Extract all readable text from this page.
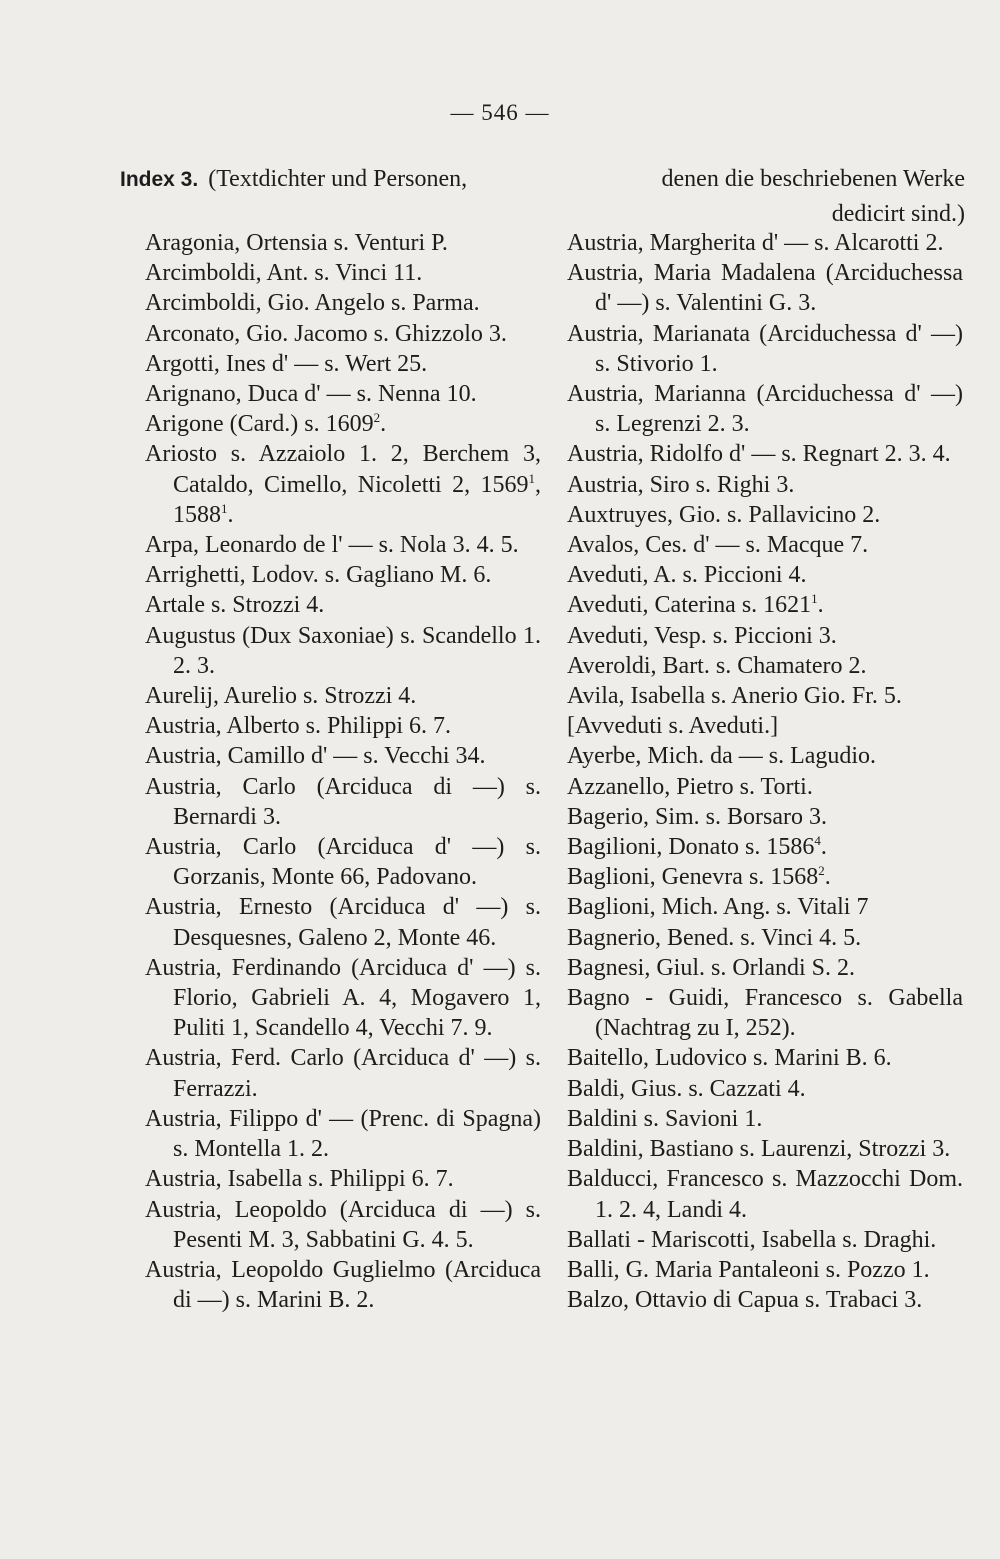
— 546 —
Index 3. (Textdichter und Personen,	denen die beschriebenen Werke
dedicirt sind.)

Aragonia, Ortensia s. Venturi P.

Arcimboldi, Ant. s. Vinci 11.

Arcimboldi, Gio. Angelo s. Parma.

Arconato, Gio. Jacomo s. Ghizzolo 3.

Argotti, Ines d' — s. Wert 25.

Arignano, Duca d' — s. Nenna 10.

Arigone (Card.) s. 1609$^2$.

Ariosto s. Azzaiolo 1. 2, Berchem 3, Cataldo, Cimello, Nicoletti 2, 1569$^1$, 1588$^1$.

Arpa, Leonardo de l' — s. Nola 3. 4. 5.

Arrighetti, Lodov. s. Gagliano M. 6.

Artale s. Strozzi 4.

Augustus (Dux Saxoniae) s. Scandello 1. 2. 3.

Aurelij, Aurelio s. Strozzi 4.

Austria, Alberto s. Philippi 6. 7.

Austria, Camillo d' — s. Vecchi 34.

Austria, Carlo (Arciduca di —) s. Bernardi 3.

Austria, Carlo (Arciduca d' —) s. Gorzanis, Monte 66, Padovano.

Austria, Ernesto (Arciduca d' —) s. Desquesnes, Galeno 2, Monte 46.

Austria, Ferdinando (Arciduca d' —) s. Florio, Gabrieli A. 4, Mogavero 1, Puliti 1, Scandello 4, Vecchi 7. 9.

Austria, Ferd. Carlo (Arciduca d' —) s. Ferrazzi.

Austria, Filippo d' — (Prenc. di Spagna) s. Montella 1. 2.

Austria, Isabella s. Philippi 6. 7.

Austria, Leopoldo (Arciduca di —) s. Pesenti M. 3, Sabbatini G. 4. 5.

Austria, Leopoldo Guglielmo (Arciduca di —) s. Marini B. 2.

Austria, Margherita d' — s. Alcarotti 2.

Austria, Maria Madalena (Arciduchessa d' —) s. Valentini G. 3.

Austria, Marianata (Arciduchessa d' —) s. Stivorio 1.

Austria, Marianna (Arciduchessa d' —) s. Legrenzi 2. 3.

Austria, Ridolfo d' — s. Regnart 2. 3. 4.

Austria, Siro s. Righi 3.

Auxtruyes, Gio. s. Pallavicino 2.

Avalos, Ces. d' — s. Macque 7.

Aveduti, A. s. Piccioni 4.

Aveduti, Caterina s. 1621$^1$.

Aveduti, Vesp. s. Piccioni 3.

Averoldi, Bart. s. Chamatero 2.

Avila, Isabella s. Anerio Gio. Fr. 5.

[Avveduti s. Aveduti.]

Ayerbe, Mich. da — s. Lagudio.

Azzanello, Pietro s. Torti.

Bagerio, Sim. s. Borsaro 3.

Bagilioni, Donato s. 1586$^4$.

Baglioni, Genevra s. 1568$^2$.

Baglioni, Mich. Ang. s. Vitali 7

Bagnerio, Bened. s. Vinci 4. 5.

Bagnesi, Giul. s. Orlandi S. 2.

Bagno - Guidi, Francesco s. Gabella (Nachtrag zu I, 252).

Baitello, Ludovico s. Marini B. 6.

Baldi, Gius. s. Cazzati 4.

Baldini s. Savioni 1.

Baldini, Bastiano s. Laurenzi, Strozzi 3.

Balducci, Francesco s. Mazzocchi Dom. 1. 2. 4, Landi 4.

Ballati - Mariscotti, Isabella s. Draghi.

Balli, G. Maria Pantaleoni s. Pozzo 1.

Balzo, Ottavio di Capua s. Trabaci 3.
